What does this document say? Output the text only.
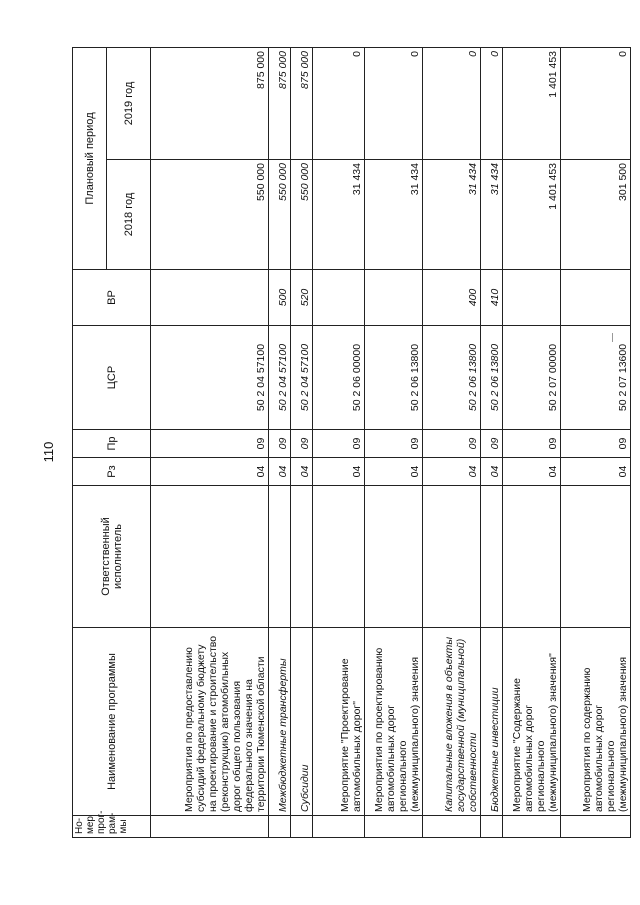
110
Но-мер прог-рам-мы	Наименование программы	Ответственный исполнитель	Рз	Пр	ЦСР	ВР	Плановый период	
							2018 год	2019 год
	Мероприятия по предоставлению субсидий федеральному бюджету на проектирование и строительство (реконструкцию) автомобильных дорог общего пользования федерального значения на территории Тюменской области		04	09	50 2 04 57100		550 000	875 000
	Межбюджетные трансферты		04	09	50 2 04 57100	500	550 000	875 000
	Субсидии		04	09	50 2 04 57100	520	550 000	875 000
	Мероприятие "Проектирование автомобильных дорог"		04	09	50 2 06 00000		31 434	0
	Мероприятия по проектированию автомобильных дорог регионального (межмуниципального) значения		04	09	50 2 06 13800		31 434	0
	Капитальные вложения в объекты государственной (муниципальной) собственности		04	09	50 2 06 13800	400	31 434	0
	Бюджетные инвестиции		04	09	50 2 06 13800	410	31 434	0
	Мероприятие "Содержание автомобильных дорог регионального (межмуниципального) значения"		04	09	50 2 07 00000		1 401 453	1 401 453
	Мероприятия по содержанию автомобильных дорог регионального (межмуниципального) значения		04	09	50 2 07 13600		301 500	0
